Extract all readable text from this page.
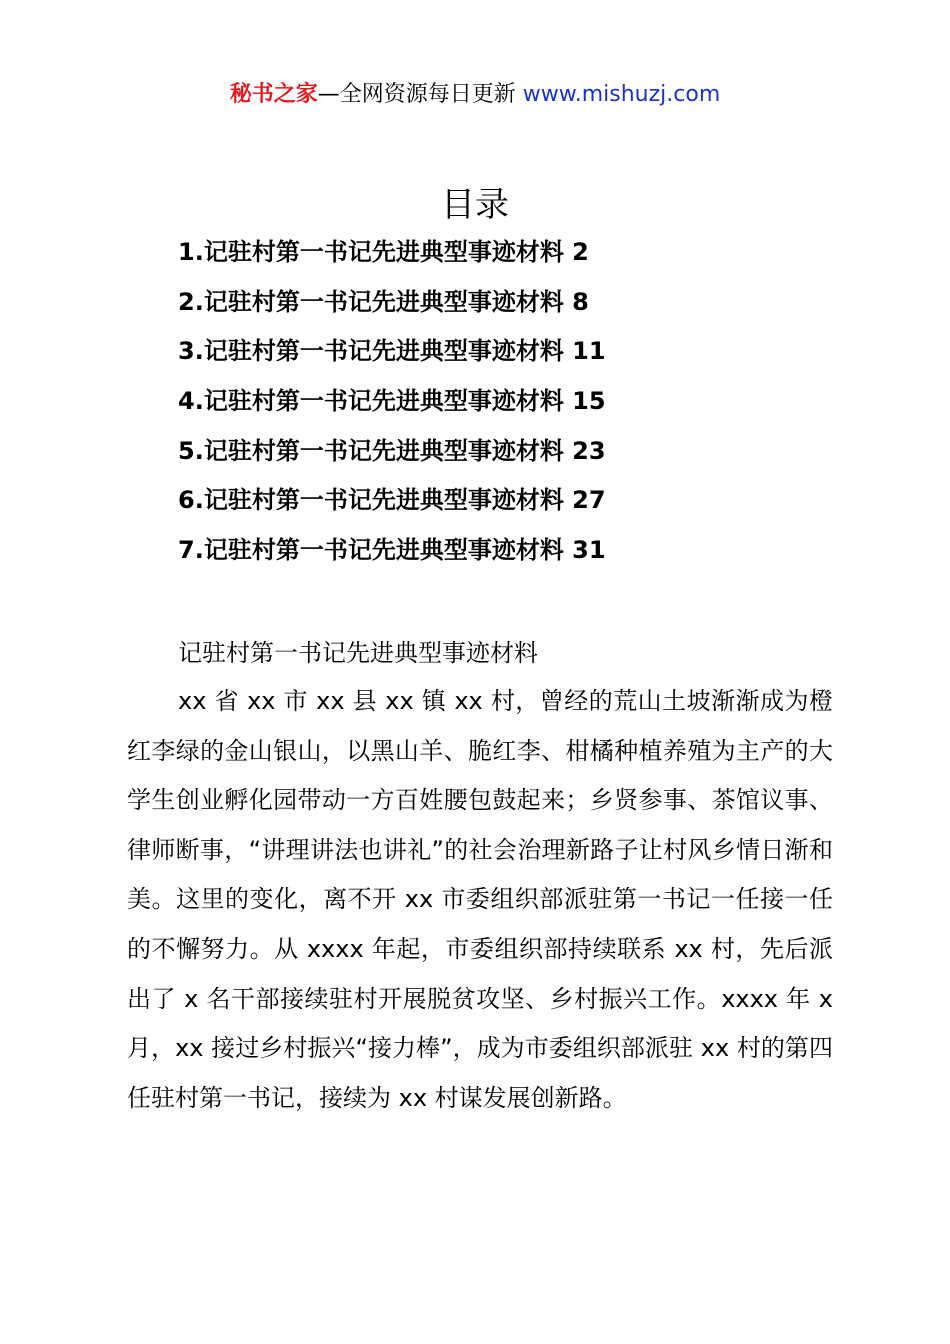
秘书之家—全网资源每日更新 www.mishuzj.com
目录
1.记驻村第一书记先进典型事迹材料 2
2.记驻村第一书记先进典型事迹材料 8
3.记驻村第一书记先进典型事迹材料 11
4.记驻村第一书记先进典型事迹材料 15
5.记驻村第一书记先进典型事迹材料 23
6.记驻村第一书记先进典型事迹材料 27
7.记驻村第一书记先进典型事迹材料 31

记驻村第一书记先进典型事迹材料

xx 省 xx 市 xx 县 xx 镇 xx 村，曾经的荒山土坡渐渐成为橙红李绿的金山银山，以黑山羊、脆红李、柑橘种植养殖为主产的大学生创业孵化园带动一方百姓腰包鼓起来；乡贤参事、茶馆议事、律师断事，“讲理讲法也讲礼”的社会治理新路子让村风乡情日渐和美。这里的变化，离不开 xx 市委组织部派驻第一书记一任接一任的不懈努力。从 xxxx 年起，市委组织部持续联系 xx 村，先后派出了 x 名干部接续驻村开展脱贫攻坚、乡村振兴工作。xxxx 年 x 月，xx 接过乡村振兴“接力棒”，成为市委组织部派驻 xx 村的第四任驻村第一书记，接续为 xx 村谋发展创新路。
